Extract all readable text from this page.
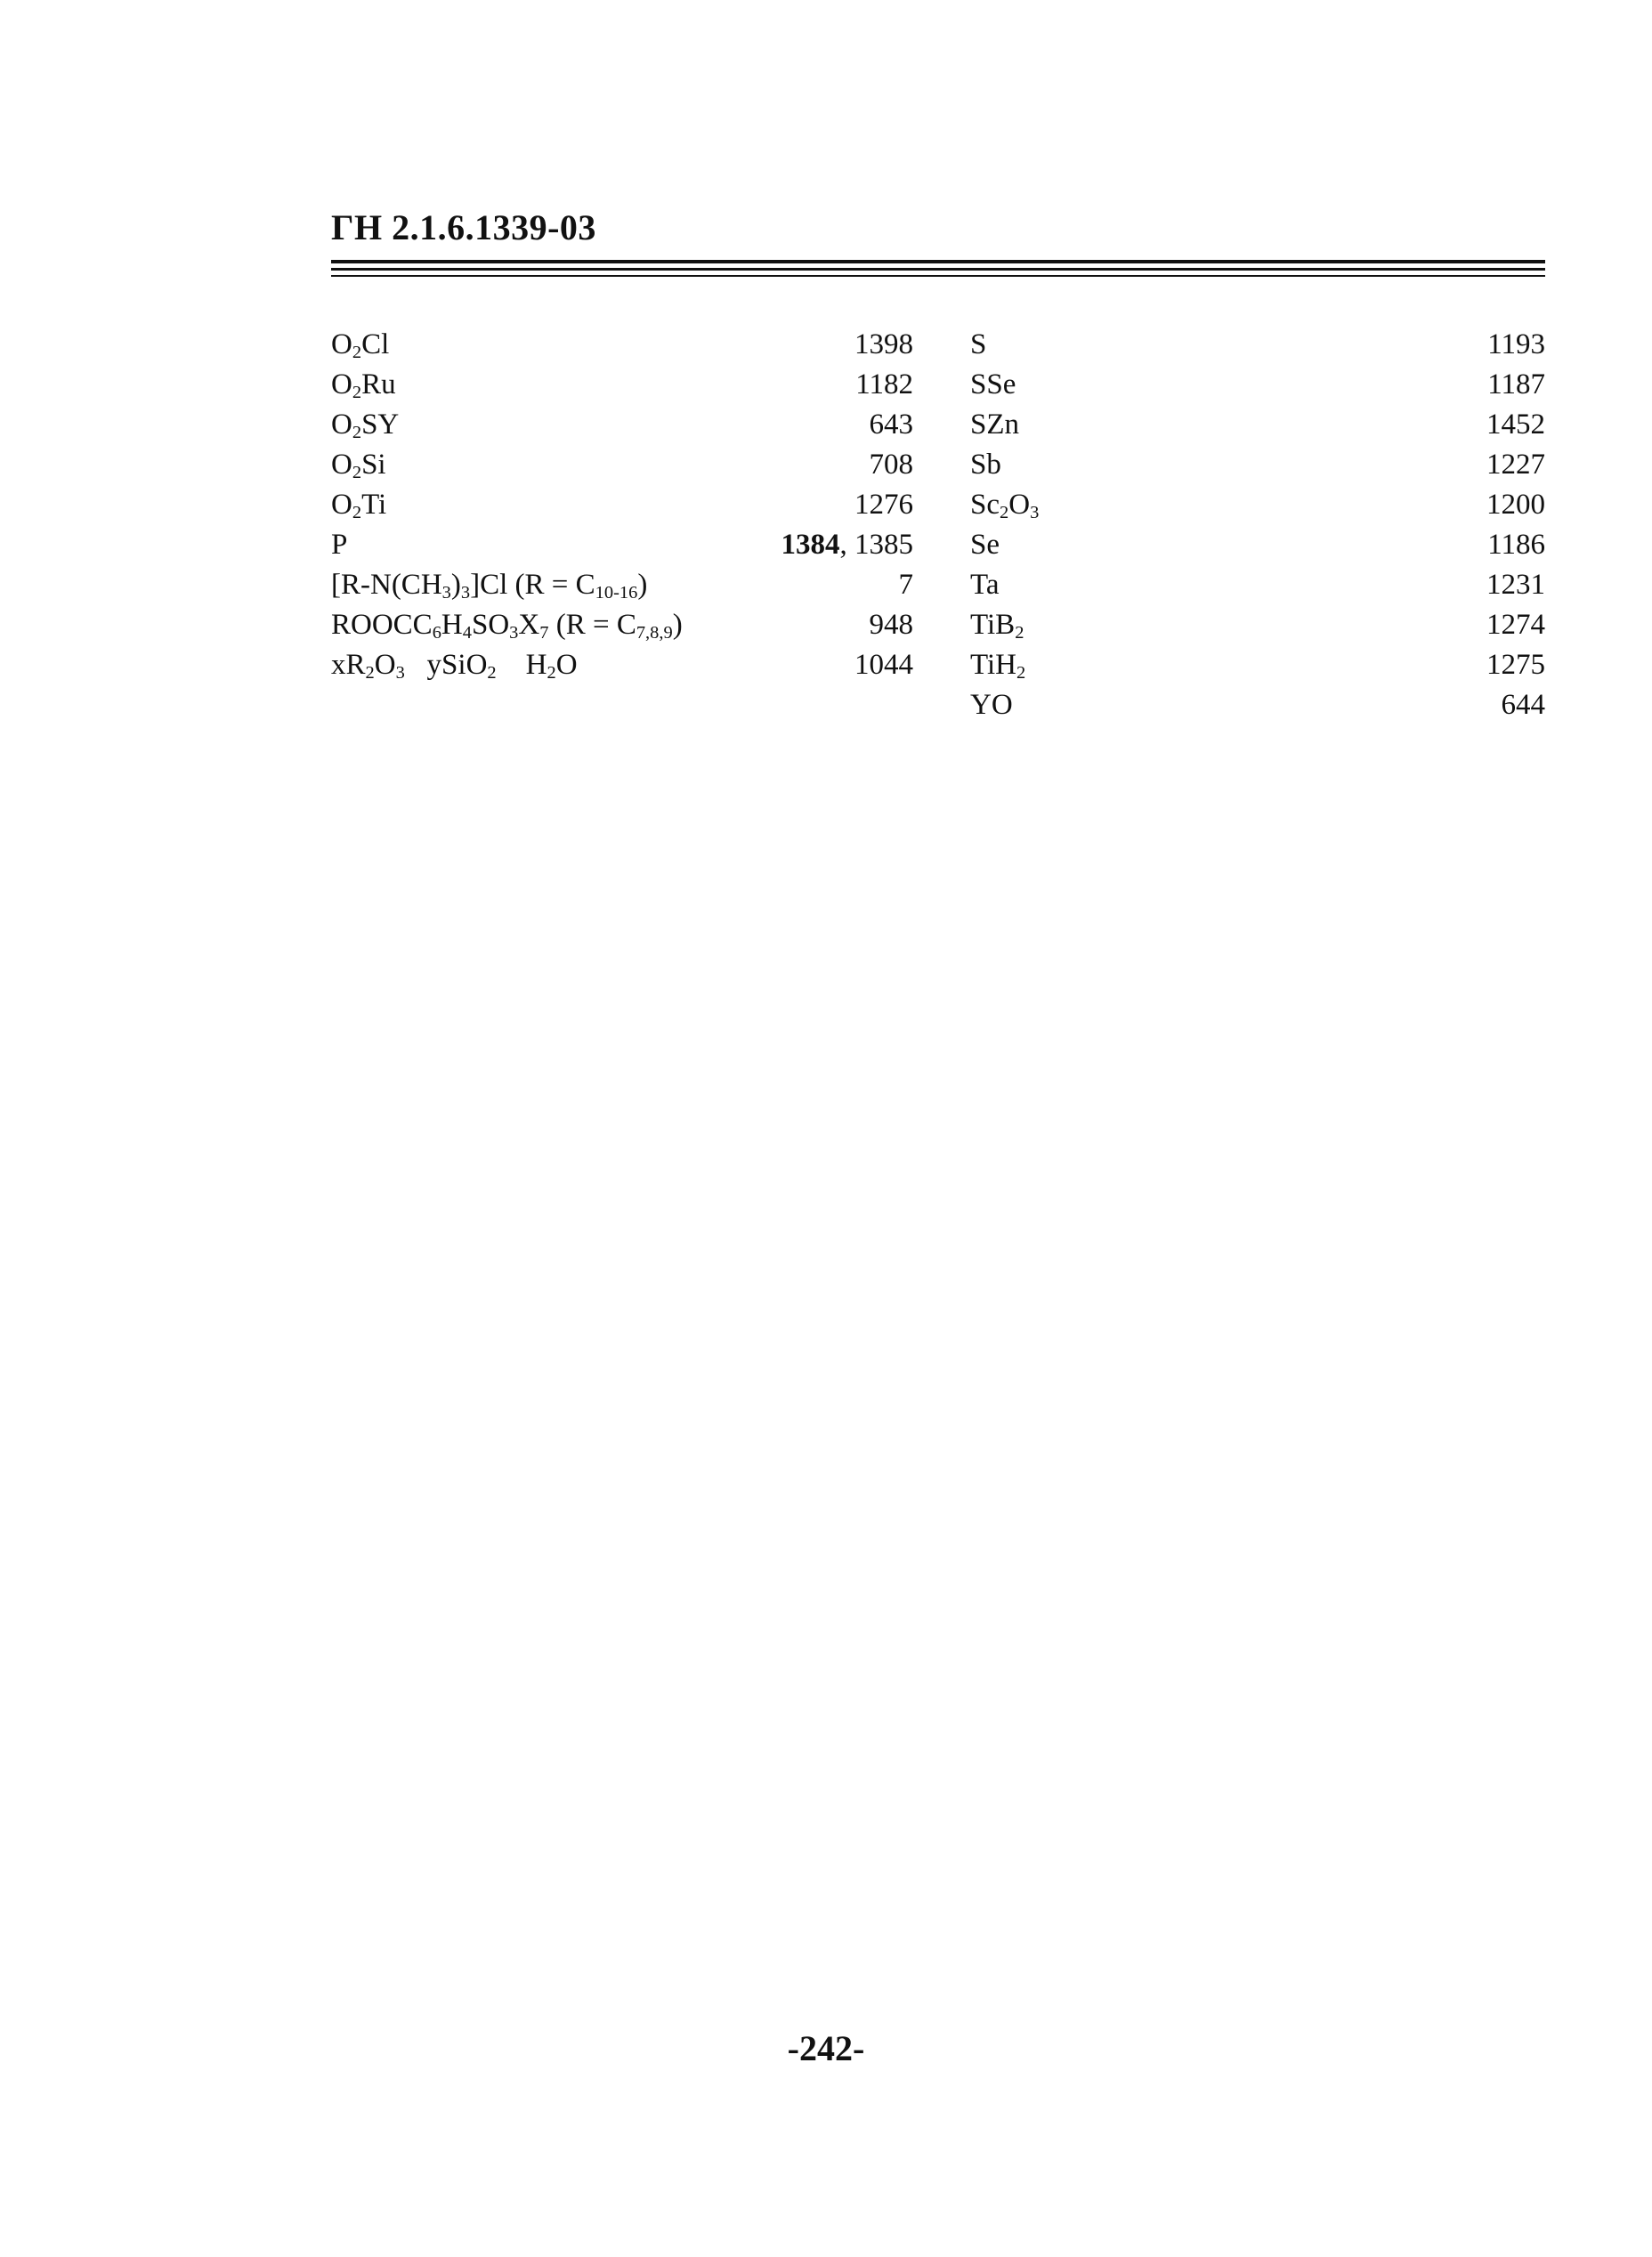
ГН 2.1.6.1339-03
$O_2Cl$	1398
$O_2Ru$	1182
$O_2SY$	643
$O_2Si$	708
$O_2Ti$	1276
P	1384, 1385
$[R-N(CH_3)_3]Cl$ $(R = C_{10-16})$	7
$ROOCC_6H_4SO_3X_7$ $(R = C_{7,8,9})$	948
$xR_2O_3$   ySiO$_2$    $H_2O$	1044
S	1193
SSe	1187
SZn	1452
Sb	1227
$Sc_2O_3$	1200
Se	1186
Ta	1231
TiB$_2$	1274
TiH$_2$	1275
YO	644
-242-
